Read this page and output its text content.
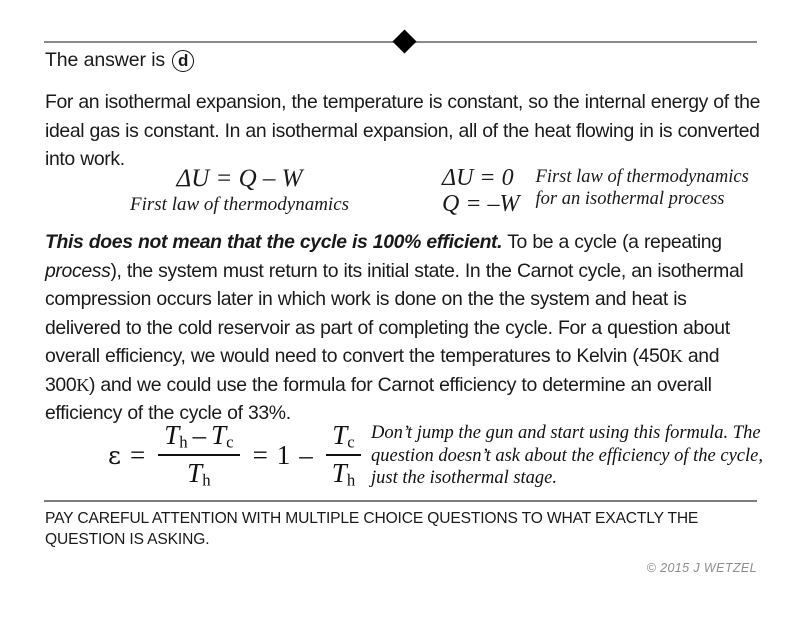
The answer is d
For an isothermal expansion, the temperature is constant, so the internal energy of the ideal gas is constant. In an isothermal expansion, all of the heat flowing in is converted into work.
ΔU = Q – W
First law of thermodynamics
ΔU = 0
Q = –W
First law of thermodynamics
for an isothermal process
This does not mean that the cycle is 100% efficient. To be a cycle (a repeating process), the system must return to its initial state. In the Carnot cycle, an isothermal compression occurs later in which work is done on the the system and heat is delivered to the cold reservoir as part of completing the cycle. For a question about overall efficiency, we would need to convert the temperatures to Kelvin (450K and 300K) and we could use the formula for Carnot efficiency to determine an overall efficiency of the cycle of 33%.
$\varepsilon = \frac{T_h - T_c}{T_h} = 1 - \frac{T_c}{T_h}$ Don’t jump the gun and start using this formula. The question doesn’t ask about the efficiency of the cycle, just the isothermal stage.
PAY CAREFUL ATTENTION WITH MULTIPLE CHOICE QUESTIONS TO WHAT EXACTLY THE QUESTION IS ASKING.
© 2015 J WETZEL
